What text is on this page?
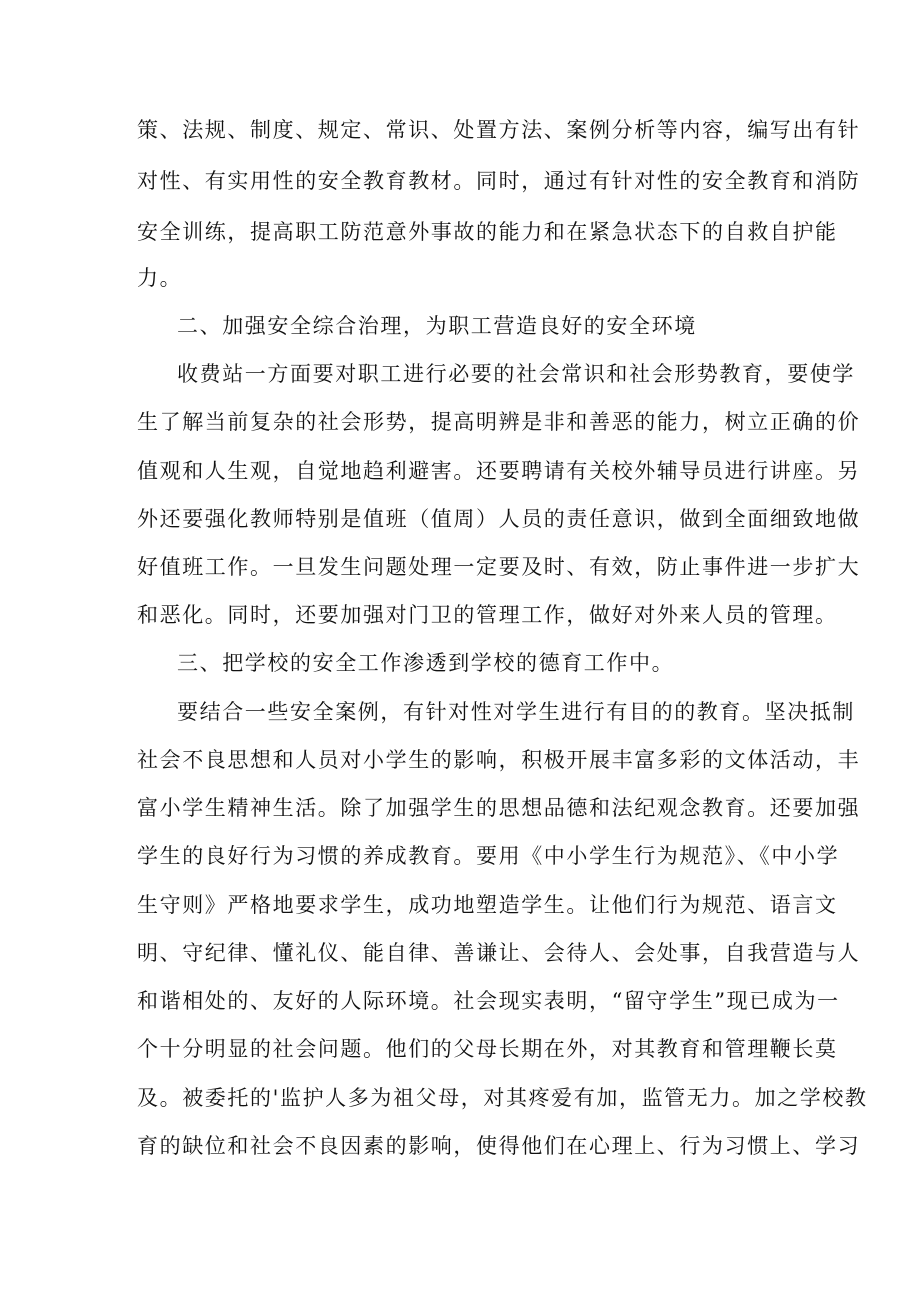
策、法规、制度、规定、常识、处置方法、案例分析等内容，编写出有针
对性、有实用性的安全教育教材。同时，通过有针对性的安全教育和消防
安全训练，提高职工防范意外事故的能力和在紧急状态下的自救自护能
力。
二、加强安全综合治理，为职工营造良好的安全环境
收费站一方面要对职工进行必要的社会常识和社会形势教育，要使学
生了解当前复杂的社会形势，提高明辨是非和善恶的能力，树立正确的价
值观和人生观，自觉地趋利避害。还要聘请有关校外辅导员进行讲座。另
外还要强化教师特别是值班（值周）人员的责任意识，做到全面细致地做
好值班工作。一旦发生问题处理一定要及时、有效，防止事件进一步扩大
和恶化。同时，还要加强对门卫的管理工作，做好对外来人员的管理。
三、把学校的安全工作渗透到学校的德育工作中。
要结合一些安全案例，有针对性对学生进行有目的的教育。坚决抵制
社会不良思想和人员对小学生的影响，积极开展丰富多彩的文体活动，丰
富小学生精神生活。除了加强学生的思想品德和法纪观念教育。还要加强
学生的良好行为习惯的养成教育。要用《中小学生行为规范》、《中小学
生守则》严格地要求学生，成功地塑造学生。让他们行为规范、语言文
明、守纪律、懂礼仪、能自律、善谦让、会待人、会处事，自我营造与人
和谐相处的、友好的人际环境。社会现实表明，“留守学生”现已成为一
个十分明显的社会问题。他们的父母长期在外，对其教育和管理鞭长莫
及。被委托的'监护人多为祖父母，对其疼爱有加，监管无力。加之学校教
育的缺位和社会不良因素的影响，使得他们在心理上、行为习惯上、学习
